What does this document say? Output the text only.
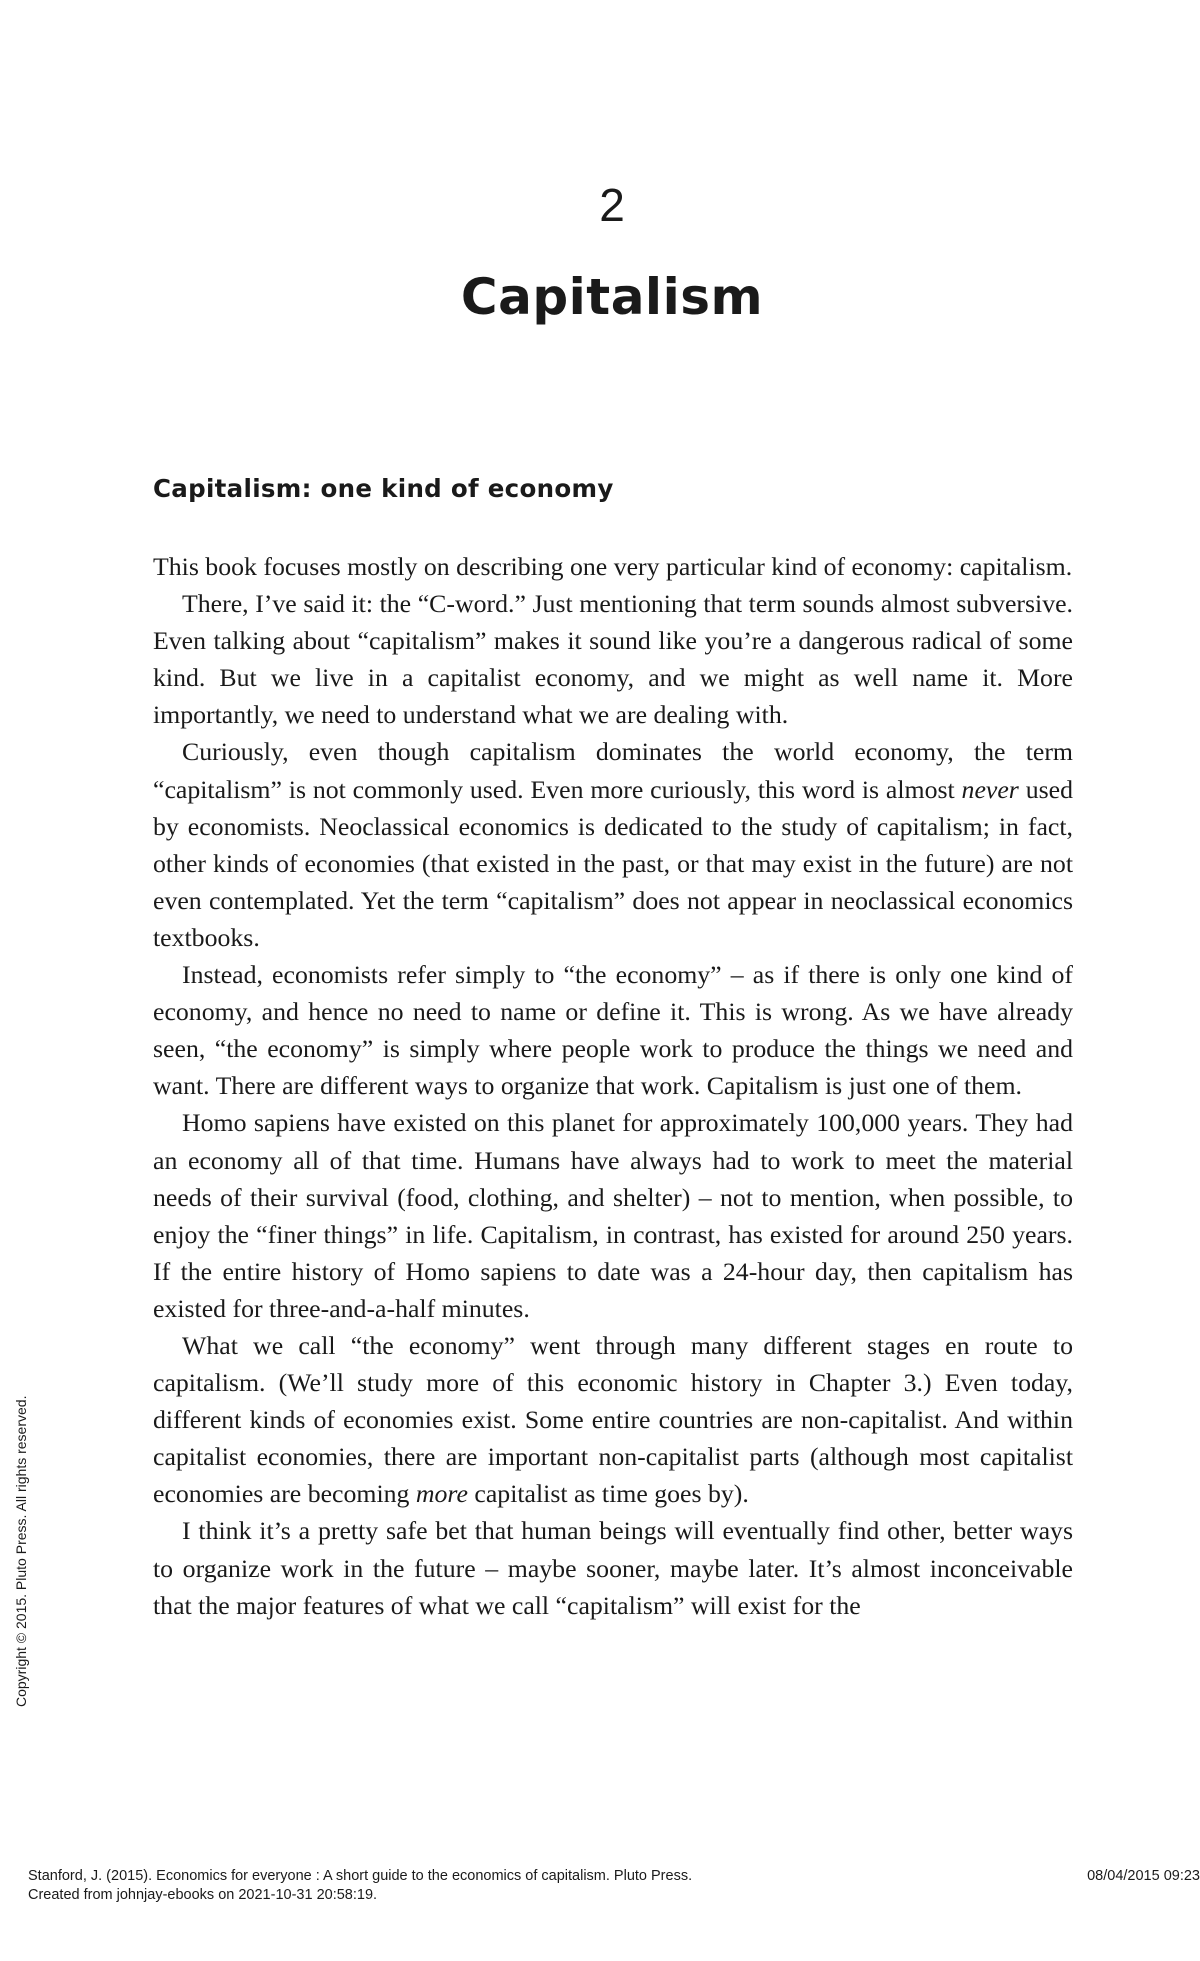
2
Capitalism
Capitalism: one kind of economy

This book focuses mostly on describing one very particular kind of economy: capitalism.

There, I’ve said it: the “C-word.” Just mentioning that term sounds almost subversive. Even talking about “capitalism” makes it sound like you’re a dangerous radical of some kind. But we live in a capitalist economy, and we might as well name it. More importantly, we need to understand what we are dealing with.

Curiously, even though capitalism dominates the world economy, the term “capitalism” is not commonly used. Even more curiously, this word is almost never used by economists. Neoclassical economics is dedicated to the study of capitalism; in fact, other kinds of economies (that existed in the past, or that may exist in the future) are not even contemplated. Yet the term “capitalism” does not appear in neoclassical economics textbooks.

Instead, economists refer simply to “the economy” – as if there is only one kind of economy, and hence no need to name or define it. This is wrong. As we have already seen, “the economy” is simply where people work to produce the things we need and want. There are different ways to organize that work. Capitalism is just one of them.

Homo sapiens have existed on this planet for approximately 100,000 years. They had an economy all of that time. Humans have always had to work to meet the material needs of their survival (food, clothing, and shelter) – not to mention, when possible, to enjoy the “finer things” in life. Capitalism, in contrast, has existed for around 250 years. If the entire history of Homo sapiens to date was a 24-hour day, then capitalism has existed for three-and-a-half minutes.

What we call “the economy” went through many different stages en route to capitalism. (We’ll study more of this economic history in Chapter 3.) Even today, different kinds of economies exist. Some entire countries are non-capitalist. And within capitalist economies, there are important non-capitalist parts (although most capitalist economies are becoming more capitalist as time goes by).

I think it’s a pretty safe bet that human beings will eventually find other, better ways to organize work in the future – maybe sooner, maybe later. It’s almost inconceivable that the major features of what we call “capitalism” will exist for the

Copyright © 2015. Pluto Press. All rights reserved.
Stanford, J. (2015). Economics for everyone : A short guide to the economics of capitalism. Pluto Press.
Created from johnjay-ebooks on 2021-10-31 20:58:19.
08/04/2015 09:23
